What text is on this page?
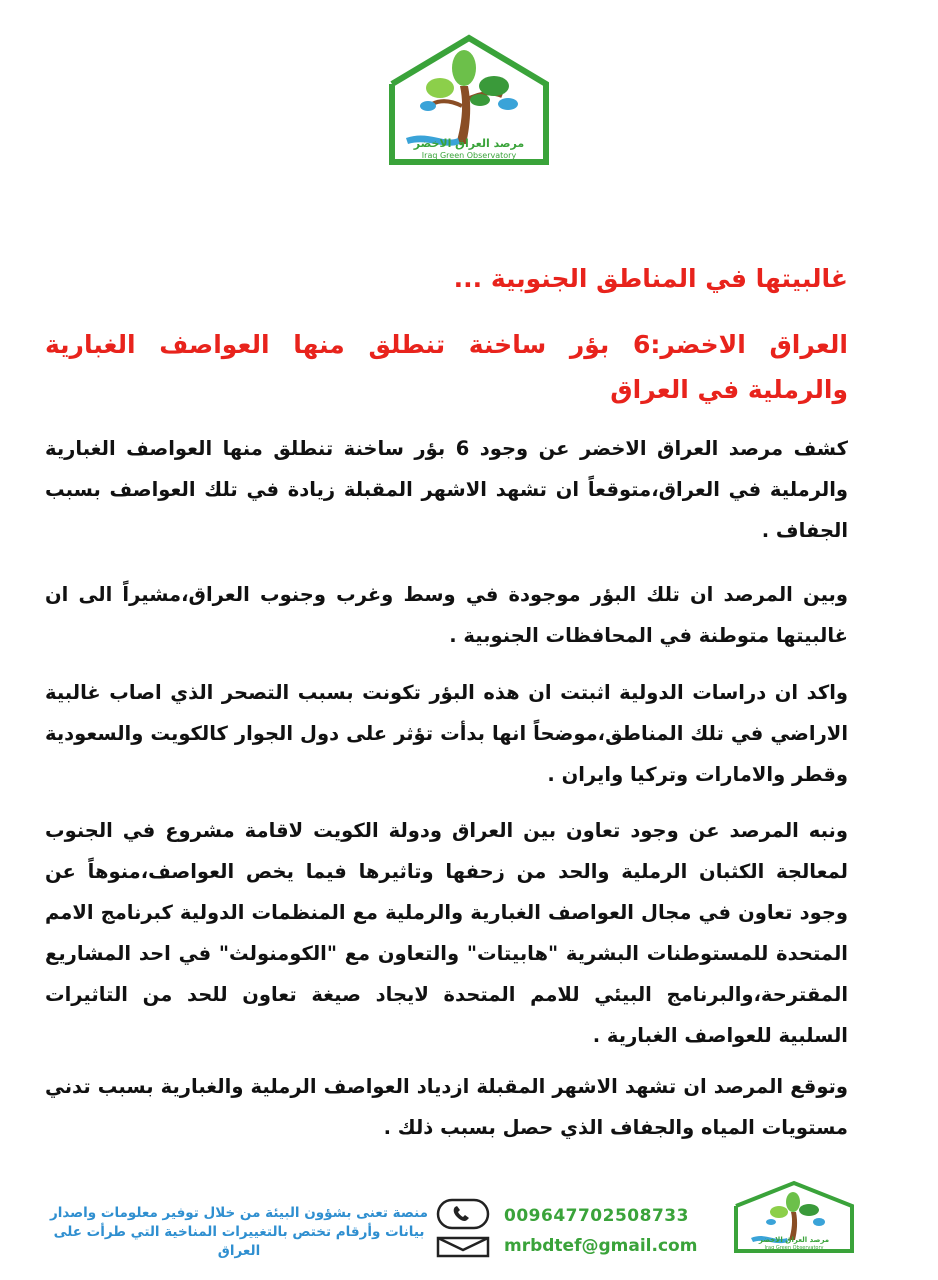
مرصد العراق الاخضر
Iraq Green Observatory
غالبيتها في المناطق الجنوبية ...
العراق الاخضر:6 بؤر ساخنة تنطلق منها العواصف الغبارية والرملية في العراق
كشف مرصد العراق الاخضر عن وجود 6 بؤر ساخنة تنطلق منها العواصف الغبارية والرملية في العراق،متوقعاً ان تشهد الاشهر المقبلة زيادة في تلك العواصف بسبب الجفاف .
وبين المرصد ان تلك البؤر موجودة في وسط وغرب وجنوب العراق،مشيراً الى ان غالبيتها متوطنة في المحافظات الجنوبية .
واكد ان دراسات الدولية اثبتت ان هذه البؤر تكونت بسبب التصحر الذي اصاب غالبية الاراضي في تلك المناطق،موضحاً انها بدأت تؤثر على دول الجوار كالكويت والسعودية وقطر والامارات وتركيا وايران .
ونبه المرصد عن وجود تعاون بين العراق ودولة الكويت لاقامة مشروع في الجنوب لمعالجة الكثبان الرملية والحد من زحفها وتاثيرها فيما يخص العواصف،منوهاً عن وجود تعاون في مجال العواصف الغبارية والرملية مع المنظمات الدولية كبرنامج الامم المتحدة للمستوطنات البشرية "هابيتات" والتعاون مع "الكومنولث" في احد المشاريع المقترحة،والبرنامج البيئي للامم المتحدة لايجاد صيغة تعاون للحد من التاثيرات السلبية للعواصف الغبارية .
وتوقع المرصد ان تشهد الاشهر المقبلة ازدياد العواصف الرملية والغبارية بسبب تدني مستويات المياه والجفاف الذي حصل بسبب ذلك .
منصة تعنى بشؤون البيئة من خلال توفير معلومات واصدار بيانات وأرقام تختص بالتغييرات المناخية التي طرأت على العراق
009647702508733
mrbdtef@gmail.com	مرصد العراق الاخضر
Iraq Green Observatory
